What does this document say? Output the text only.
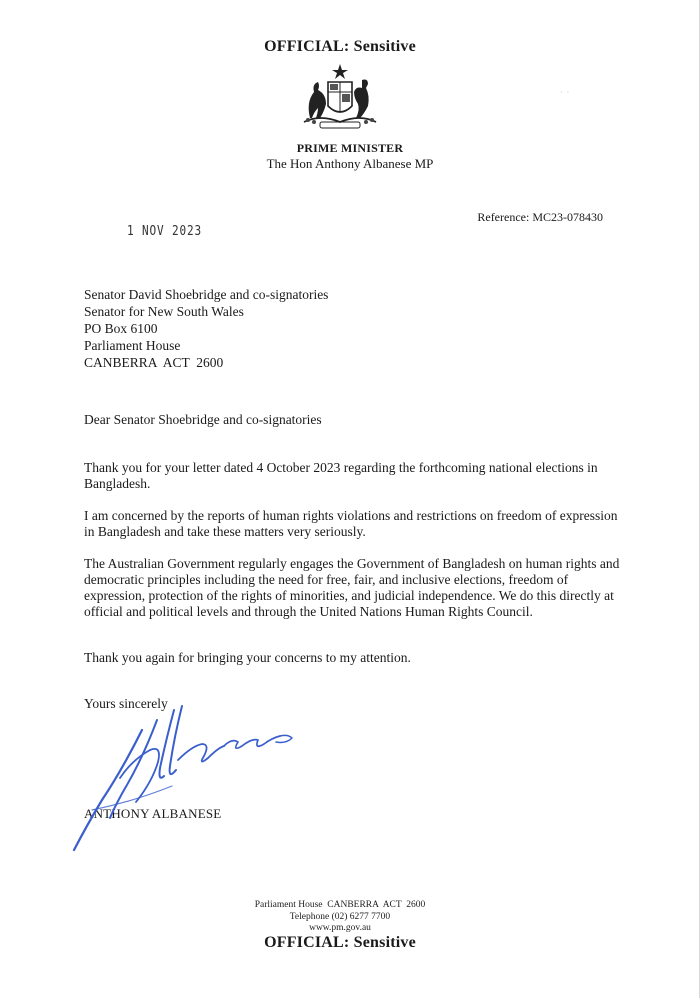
OFFICIAL: Sensitive
·  ·
PRIME MINISTER
The Hon Anthony Albanese MP
Reference: MC23-078430
1 NOV 2023
Senator David Shoebridge and co-signatories
Senator for New South Wales
PO Box 6100
Parliament House
CANBERRA  ACT  2600
Dear Senator Shoebridge and co-signatories
Thank you for your letter dated 4 October 2023 regarding the forthcoming national elections in Bangladesh.
I am concerned by the reports of human rights violations and restrictions on freedom of expression in Bangladesh and take these matters very seriously.
The Australian Government regularly engages the Government of Bangladesh on human rights and democratic principles including the need for free, fair, and inclusive elections, freedom of expression, protection of the rights of minorities, and judicial independence. We do this directly at official and political levels and through the United Nations Human Rights Council.
Thank you again for bringing your concerns to my attention.
Yours sincerely
ANTHONY ALBANESE
Parliament House  CANBERRA  ACT  2600
Telephone (02) 6277 7700
www.pm.gov.au
OFFICIAL: Sensitive
